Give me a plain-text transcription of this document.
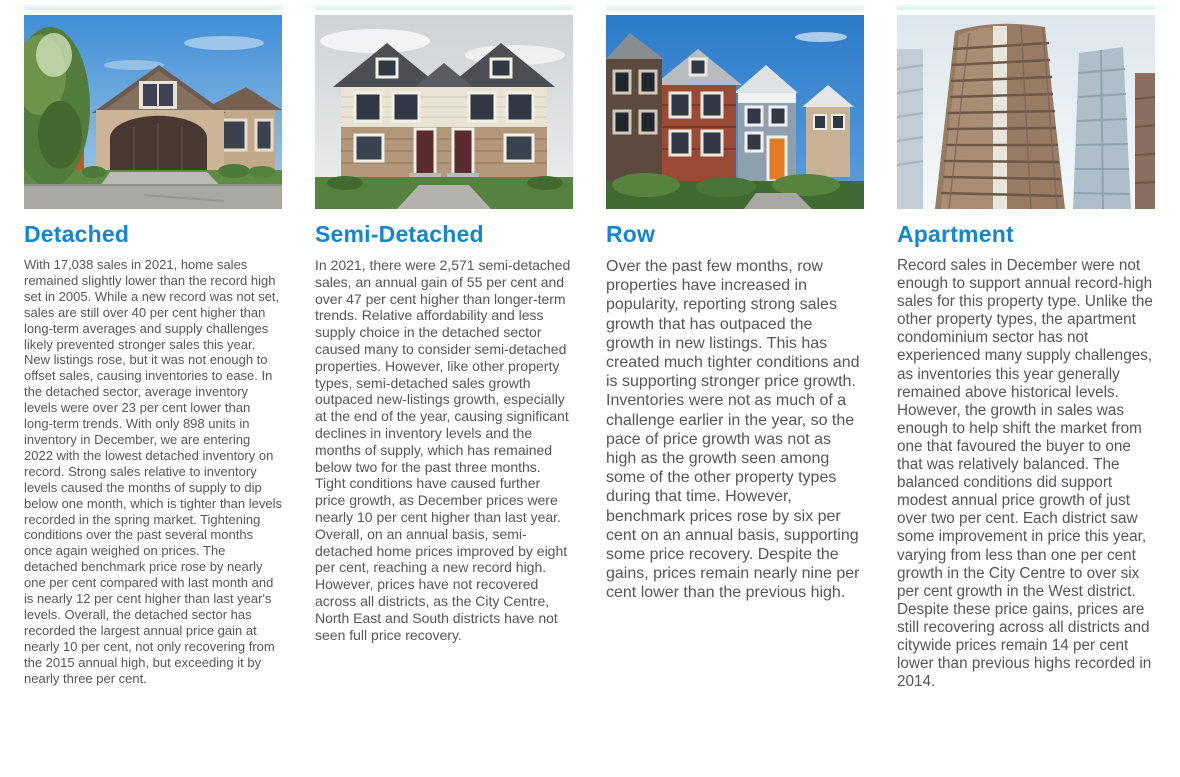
Detached

With 17,038 sales in 2021, home sales remained slightly lower than the record high set in 2005. While a new record was not set, sales are still over 40 per cent higher than long-term averages and supply challenges likely prevented stronger sales this year. New listings rose, but it was not enough to offset sales, causing inventories to ease. In the detached sector, average inventory levels were over 23 per cent lower than long-term trends. With only 898 units in inventory in December, we are entering 2022 with the lowest detached inventory on record. Strong sales relative to inventory levels caused the months of supply to dip below one month, which is tighter than levels recorded in the spring market. Tightening conditions over the past several months once again weighed on prices. The detached benchmark price rose by nearly one per cent compared with last month and is nearly 12 per cent higher than last year's levels. Overall, the detached sector has recorded the largest annual price gain at nearly 10 per cent, not only recovering from the 2015 annual high, but exceeding it by nearly three per cent.

Semi-Detached

In 2021, there were 2,571 semi-detached sales, an annual gain of 55 per cent and over 47 per cent higher than longer-term trends. Relative affordability and less supply choice in the detached sector caused many to consider semi-detached properties. However, like other property types, semi-detached sales growth outpaced new-listings growth, especially at the end of the year, causing significant declines in inventory levels and the months of supply, which has remained below two for the past three months.

Tight conditions have caused further price growth, as December prices were nearly 10 per cent higher than last year. Overall, on an annual basis, semi-detached home prices improved by eight per cent, reaching a new record high. However, prices have not recovered across all districts, as the City Centre, North East and South districts have not seen full price recovery.

Row

Over the past few months, row properties have increased in popularity, reporting strong sales growth that has outpaced the growth in new listings. This has created much tighter conditions and is supporting stronger price growth.

Inventories were not as much of a challenge earlier in the year, so the pace of price growth was not as high as the growth seen among some of the other property types during that time. However, benchmark prices rose by six per cent on an annual basis, supporting some price recovery. Despite the gains, prices remain nearly nine per cent lower than the previous high.

Apartment

Record sales in December were not enough to support annual record-high sales for this property type. Unlike the other property types, the apartment condominium sector has not experienced many supply challenges, as inventories this year generally remained above historical levels. However, the growth in sales was enough to help shift the market from one that favoured the buyer to one that was relatively balanced. The balanced conditions did support modest annual price growth of just over two per cent. Each district saw some improvement in price this year, varying from less than one per cent growth in the City Centre to over six per cent growth in the West district. Despite these price gains, prices are still recovering across all districts and citywide prices remain 14 per cent lower than previous highs recorded in 2014.
